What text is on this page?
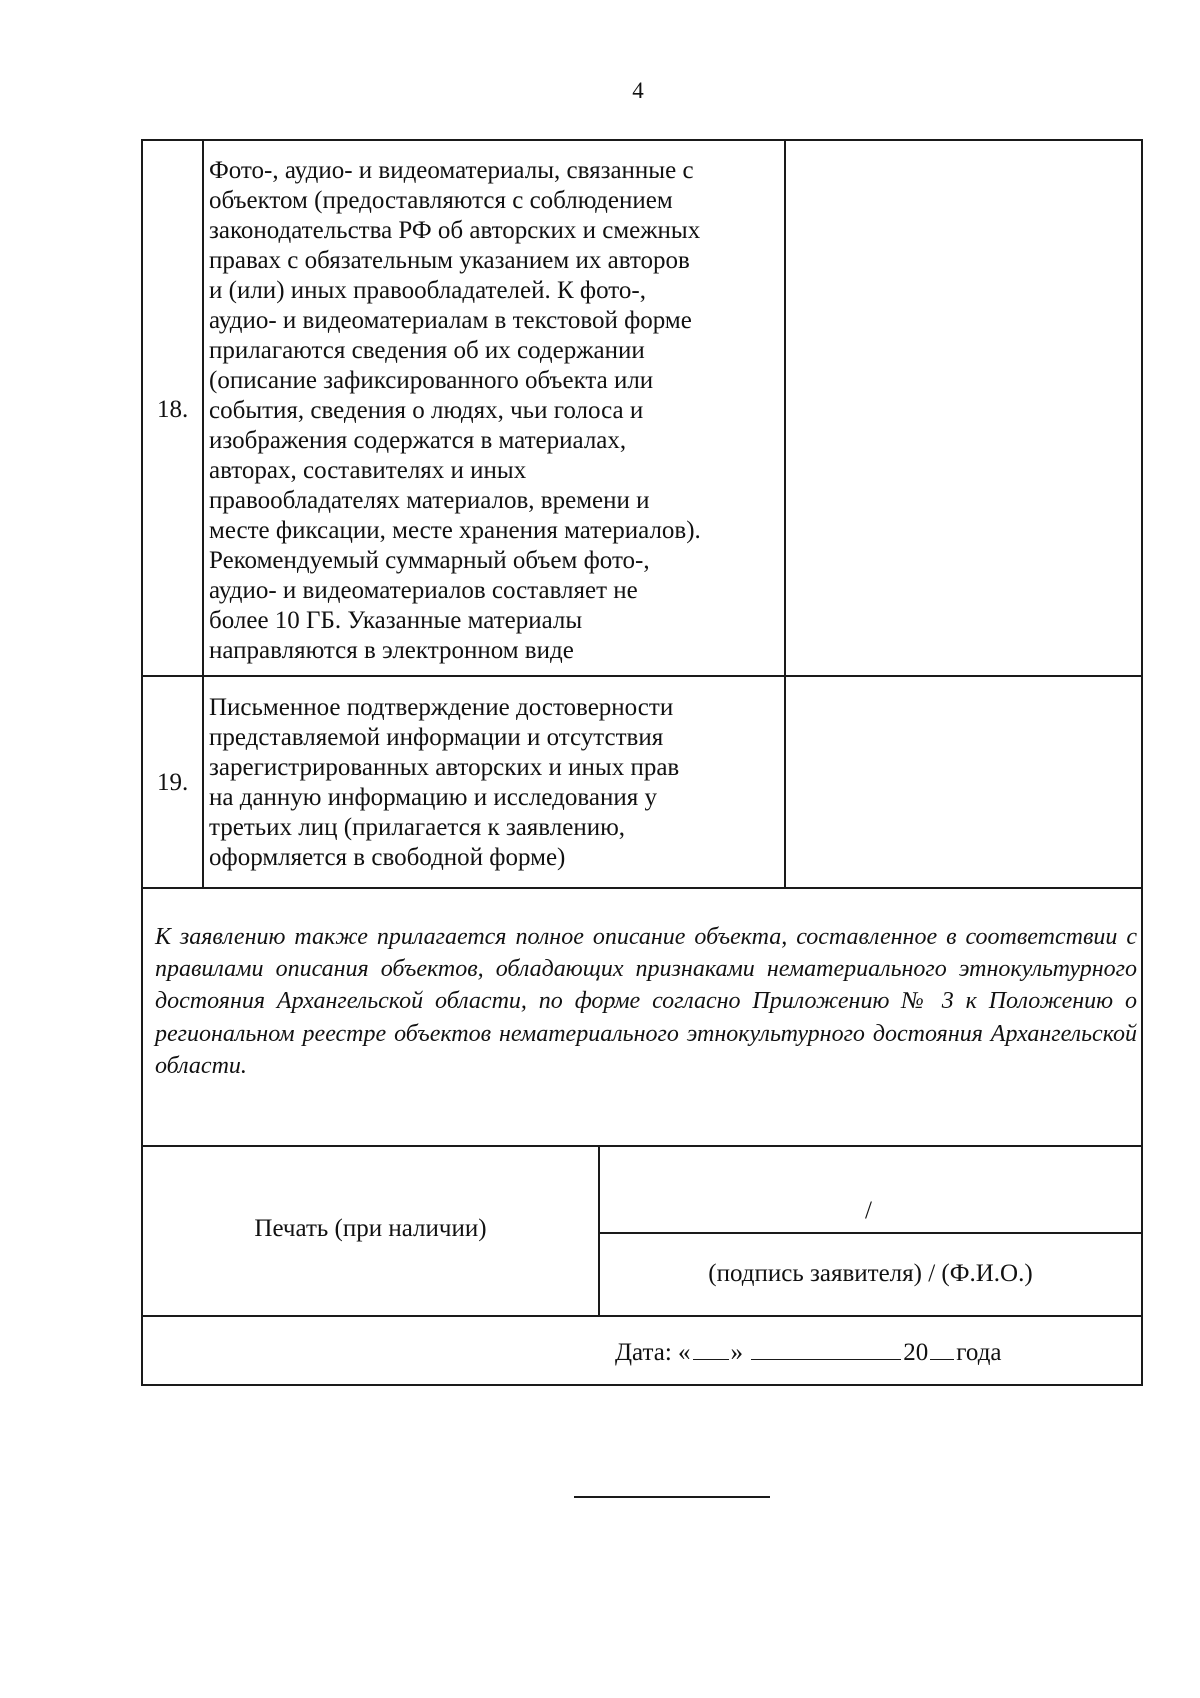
4
18.
Фото-, аудио- и видеоматериалы, связанные с
объектом (предоставляются с соблюдением
законодательства РФ об авторских и смежных
правах с обязательным указанием их авторов
и (или) иных правообладателей. К фото-,
аудио- и видеоматериалам в текстовой форме
прилагаются сведения об их содержании
(описание зафиксированного объекта или
события, сведения о людях, чьи голоса и
изображения содержатся в материалах,
авторах, составителях и иных
правообладателях материалов, времени и
месте фиксации, месте хранения материалов).
Рекомендуемый суммарный объем фото-,
аудио- и видеоматериалов составляет не
более 10 ГБ. Указанные материалы
направляются в электронном виде
19.
Письменное подтверждение достоверности
представляемой информации и отсутствия
зарегистрированных авторских и иных прав
на данную информацию и исследования у
третьих лиц (прилагается к заявлению,
оформляется в свободной форме)
К заявлению также прилагается полное описание объекта, составленное в соответствии с правилами описания объектов, обладающих признаками нематериального этнокультурного достояния Архангельской области, по форме согласно Приложению № 3 к Положению о региональном реестре объектов нематериального этнокультурного достояния Архангельской области.
Печать (при наличии)
/
(подпись заявителя) / (Ф.И.О.)
Дата: « »	20 года
